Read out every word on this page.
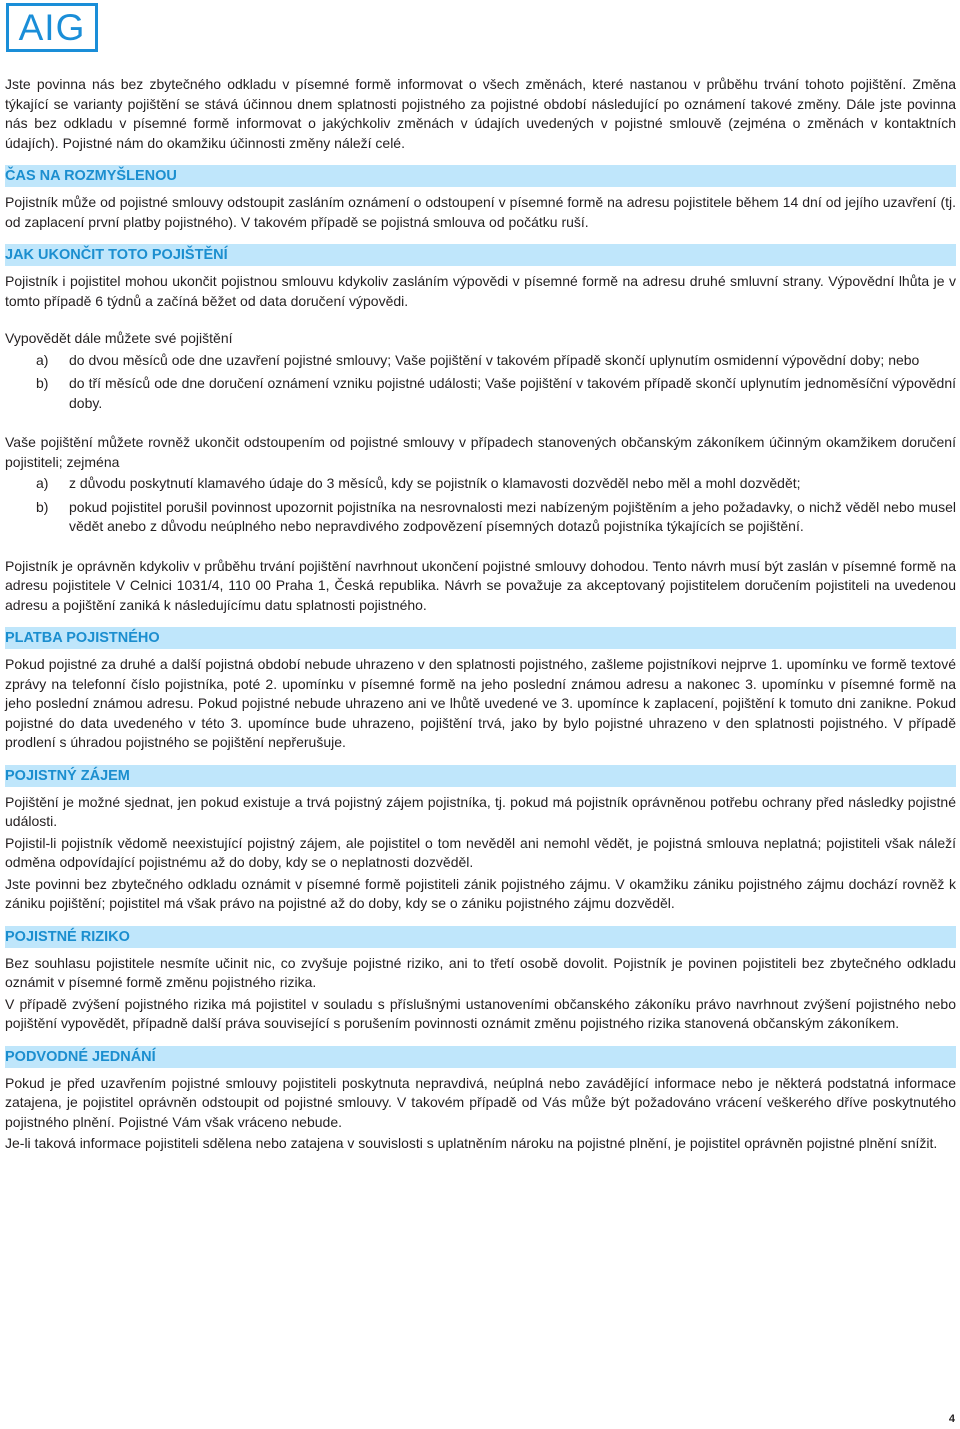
AIG

Jste povinna nás bez zbytečného odkladu v písemné formě informovat o všech změnách, které nastanou v průběhu trvání tohoto pojištění. Změna týkající se varianty pojištění se stává účinnou dnem splatnosti pojistného za pojistné období následující po oznámení takové změny. Dále jste povinna nás bez odkladu v písemné formě informovat o jakýchkoliv změnách v údajích uvedených v pojistné smlouvě (zejména o změnách v kontaktních údajích). Pojistné nám do okamžiku účinnosti změny náleží celé.

ČAS NA ROZMYŠLENOU

Pojistník může od pojistné smlouvy odstoupit zasláním oznámení o odstoupení v písemné formě na adresu pojistitele během 14 dní od jejího uzavření (tj. od zaplacení první platby pojistného). V takovém případě se pojistná smlouva od počátku ruší.

JAK UKONČIT TOTO POJIŠTĚNÍ

Pojistník i pojistitel mohou ukončit pojistnou smlouvu kdykoliv zasláním výpovědi v písemné formě na adresu druhé smluvní strany. Výpovědní lhůta je v tomto případě 6 týdnů a začíná běžet od data doručení výpovědi.

Vypovědět dále můžete své pojištění

a)	do dvou měsíců ode dne uzavření pojistné smlouvy; Vaše pojištění v takovém případě skončí uplynutím osmidenní výpovědní doby; nebo
b)	do tří měsíců ode dne doručení oznámení vzniku pojistné události; Vaše pojištění v takovém případě skončí uplynutím jednoměsíční výpovědní doby.

Vaše pojištění můžete rovněž ukončit odstoupením od pojistné smlouvy v případech stanovených občanským zákoníkem účinným okamžikem doručení pojistiteli; zejména

a)	z důvodu poskytnutí klamavého údaje do 3 měsíců, kdy se pojistník o klamavosti dozvěděl nebo měl a mohl dozvědět;
b)	pokud pojistitel porušil povinnost upozornit pojistníka na nesrovnalosti mezi nabízeným pojištěním a jeho požadavky, o nichž věděl nebo musel vědět anebo z důvodu neúplného nebo nepravdivého zodpovězení písemných dotazů pojistníka týkajících se pojištění.

Pojistník je oprávněn kdykoliv v průběhu trvání pojištění navrhnout ukončení pojistné smlouvy dohodou. Tento návrh musí být zaslán v písemné formě na adresu pojistitele V Celnici 1031/4, 110 00 Praha 1, Česká republika. Návrh se považuje za akceptovaný pojistitelem doručením pojistiteli na uvedenou adresu a pojištění zaniká k následujícímu datu splatnosti pojistného.

PLATBA POJISTNÉHO

Pokud pojistné za druhé a další pojistná období nebude uhrazeno v den splatnosti pojistného, zašleme pojistníkovi nejprve 1. upomínku ve formě textové zprávy na telefonní číslo pojistníka, poté 2. upomínku v písemné formě na jeho poslední známou adresu a nakonec 3. upomínku v písemné formě na jeho poslední známou adresu. Pokud pojistné nebude uhrazeno ani ve lhůtě uvedené ve 3. upomínce k zaplacení, pojištění k tomuto dni zanikne. Pokud pojistné do data uvedeného v této 3. upomínce bude uhrazeno, pojištění trvá, jako by bylo pojistné uhrazeno v den splatnosti pojistného. V případě prodlení s úhradou pojistného se pojištění nepřerušuje.

POJISTNÝ ZÁJEM

Pojištění je možné sjednat, jen pokud existuje a trvá pojistný zájem pojistníka, tj. pokud má pojistník oprávněnou potřebu ochrany před následky pojistné události.

Pojistil-li pojistník vědomě neexistující pojistný zájem, ale pojistitel o tom nevěděl ani nemohl vědět, je pojistná smlouva neplatná; pojistiteli však náleží odměna odpovídající pojistnému až do doby, kdy se o neplatnosti dozvěděl.

Jste povinni bez zbytečného odkladu oznámit v písemné formě pojistiteli zánik pojistného zájmu. V okamžiku zániku pojistného zájmu dochází rovněž k zániku pojištění; pojistitel má však právo na pojistné až do doby, kdy se o zániku pojistného zájmu dozvěděl.

POJISTNÉ RIZIKO

Bez souhlasu pojistitele nesmíte učinit nic, co zvyšuje pojistné riziko, ani to třetí osobě dovolit. Pojistník je povinen pojistiteli bez zbytečného odkladu oznámit v písemné formě změnu pojistného rizika.

V případě zvýšení pojistného rizika má pojistitel v souladu s příslušnými ustanoveními občanského zákoníku právo navrhnout zvýšení pojistného nebo pojištění vypovědět, případně další práva související s porušením povinnosti oznámit změnu pojistného rizika stanovená občanským zákoníkem.

PODVODNÉ JEDNÁNÍ

Pokud je před uzavřením pojistné smlouvy pojistiteli poskytnuta nepravdivá, neúplná nebo zavádějící informace nebo je některá podstatná informace zatajena, je pojistitel oprávněn odstoupit od pojistné smlouvy. V takovém případě od Vás může být požadováno vrácení veškerého dříve poskytnutého pojistného plnění. Pojistné Vám však vráceno nebude.

Je-li taková informace pojistiteli sdělena nebo zatajena v souvislosti s uplatněním nároku na pojistné plnění, je pojistitel oprávněn pojistné plnění snížit.

4
